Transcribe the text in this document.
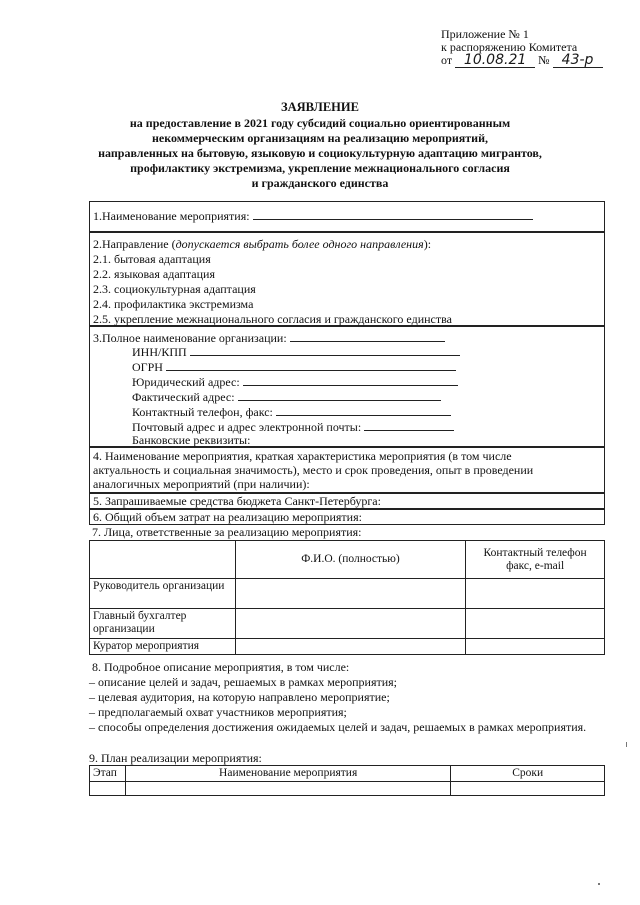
Приложение № 1
к распоряжению Комитета
от 10.08.21 № 43-р
ЗАЯВЛЕНИЕ
на предоставление в 2021 году субсидий социально ориентированным
некоммерческим организациям на реализацию мероприятий,
направленных на бытовую, языковую и социокультурную адаптацию мигрантов,
профилактику экстремизма, укрепление межнационального согласия
и гражданского единства
1.Наименование мероприятия:
2.Направление (допускается выбрать более одного направления):
2.1. бытовая адаптация
2.2. языковая адаптация
2.3. социокультурная адаптация
2.4. профилактика экстремизма
2.5. укрепление межнационального согласия и гражданского единства
3.Полное наименование организации:
ИНН/КПП
ОГРН
Юридический адрес:
Фактический адрес:
Контактный телефон, факс:
Почтовый адрес и адрес электронной почты:
Банковские реквизиты:
4. Наименование мероприятия, краткая характеристика мероприятия (в том числе
актуальность и социальная значимость), место и срок проведения, опыт в проведении
аналогичных мероприятий (при наличии):
5. Запрашиваемые средства бюджета Санкт-Петербурга:
6. Общий объем затрат на реализацию мероприятия:
7. Лица, ответственные за реализацию мероприятия:
	Ф.И.О. (полностью)	Контактный телефон факс, e-mail
Руководитель организации		
Главный бухгалтер организации		
Куратор мероприятия		
8. Подробное описание мероприятия, в том числе:
– описание целей и задач, решаемых в рамках мероприятия;
– целевая аудитория, на которую направлено мероприятие;
– предполагаемый охват участников мероприятия;
– способы определения достижения ожидаемых целей и задач, решаемых в рамках мероприятия.
9. План реализации мероприятия:
Этап	Наименование мероприятия	Сроки
